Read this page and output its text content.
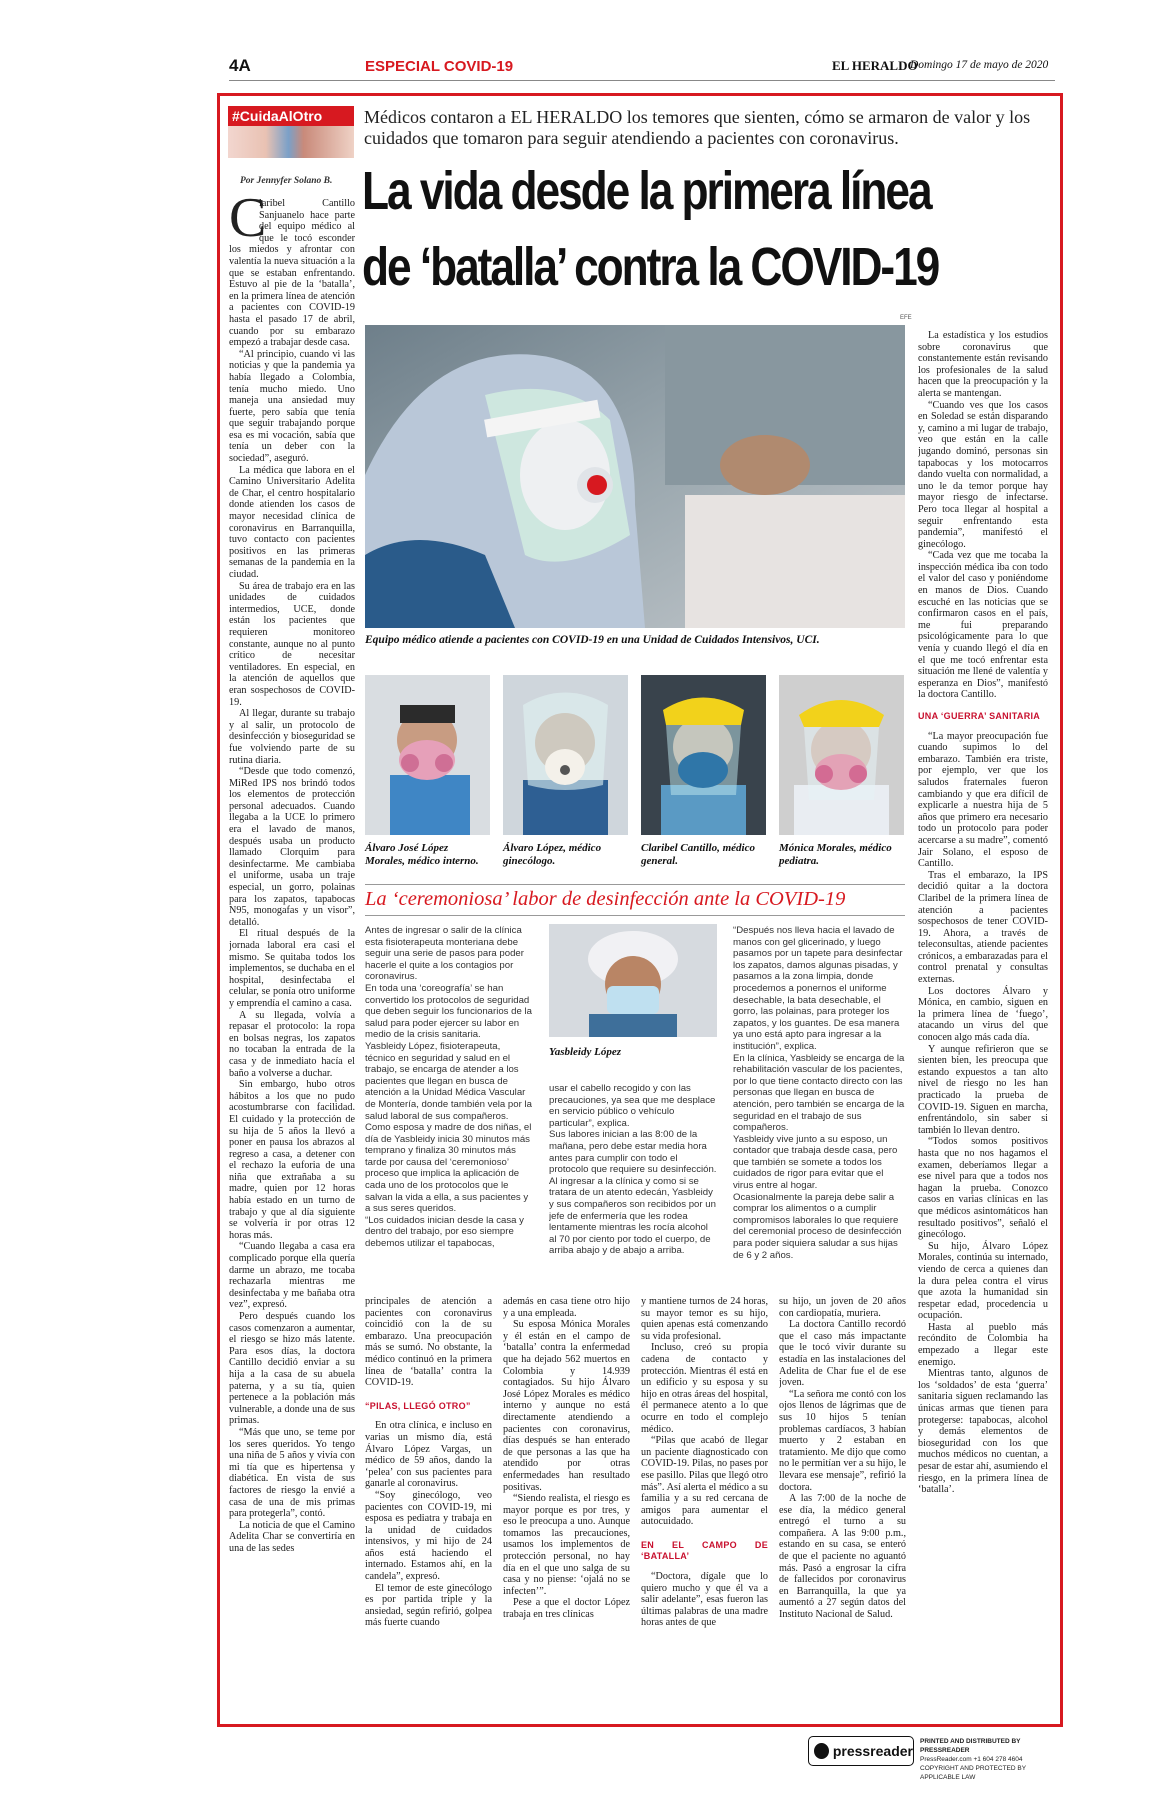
4A	ESPECIAL COVID-19	EL HERALDO
Domingo 17 de mayo de 2020
#CuidaAlOtro	Médicos contaron a EL HERALDO los temores que sienten, cómo se armaron de valor y los cuidados que tomaron para seguir atendiendo a pacientes con coronavirus.
La vida desde la primera línea
de ‘batalla’ contra la COVID-19
Por Jennyfer Solano B.
C

laribel Cantillo Sanjuanelo hace parte del equipo médico al que le tocó esconder los miedos y afrontar con valentía la nueva situación a la que se estaban enfrentando. Estuvo al pie de la ‘batalla’, en la primera línea de atención a pacientes con COVID-19 hasta el pasado 17 de abril, cuando por su embarazo empezó a trabajar desde casa.

“Al principio, cuando vi las noticias y que la pandemia ya había llegado a Colombia, tenía mucho miedo. Uno maneja una ansiedad muy fuerte, pero sabía que tenía que seguir trabajando porque esa es mi vocación, sabía que tenía un deber con la sociedad”, aseguró.

La médica que labora en el Camino Universitario Adelita de Char, el centro hospitalario donde atienden los casos de mayor necesidad clínica de coronavirus en Barranquilla, tuvo contacto con pacientes positivos en las primeras semanas de la pandemia en la ciudad.

Su área de trabajo era en las unidades de cuidados intermedios, UCE, donde están los pacientes que requieren monitoreo constante, aunque no al punto crítico de necesitar ventiladores. En especial, en la atención de aquellos que eran sospechosos de COVID-19.

Al llegar, durante su trabajo y al salir, un protocolo de desinfección y bioseguridad se fue volviendo parte de su rutina diaria.

“Desde que todo comenzó, MiRed IPS nos brindó todos los elementos de protección personal adecuados. Cuando llegaba a la UCE lo primero era el lavado de manos, después usaba un producto llamado Clorquim para desinfectarme. Me cambiaba el uniforme, usaba un traje especial, un gorro, polainas para los zapatos, tapabocas N95, monogafas y un visor”, detalló.

El ritual después de la jornada laboral era casi el mismo. Se quitaba todos los implementos, se duchaba en el hospital, desinfectaba el celular, se ponía otro uniforme y emprendía el camino a casa.

A su llegada, volvía a repasar el protocolo: la ropa en bolsas negras, los zapatos no tocaban la entrada de la casa y de inmediato hacía el baño a volverse a duchar.

Sin embargo, hubo otros hábitos a los que no pudo acostumbrarse con facilidad. El cuidado y la protección de su hija de 5 años la llevó a poner en pausa los abrazos al regreso a casa, a detener con el rechazo la euforia de una niña que extrañaba a su madre, quien por 12 horas había estado en un turno de trabajo y que al día siguiente se volvería ir por otras 12 horas más.

“Cuando llegaba a casa era complicado porque ella quería darme un abrazo, me tocaba rechazarla mientras me desinfectaba y me bañaba otra vez”, expresó.

Pero después cuando los casos comenzaron a aumentar, el riesgo se hizo más latente. Para esos días, la doctora Cantillo decidió enviar a su hija a la casa de su abuela paterna, y a su tía, quien pertenece a la población más vulnerable, a donde una de sus primas.

“Más que uno, se teme por los seres queridos. Yo tengo una niña de 5 años y vivía con mi tía que es hipertensa y diabética. En vista de sus factores de riesgo la envié a casa de una de mis primas para protegerla”, contó.

La noticia de que el Camino Adelita Char se convertiría en una de las sedes

EFE
Equipo médico atiende a pacientes con COVID-19 en una Unidad de Cuidados Intensivos, UCI.
Álvaro José López Morales, médico interno.
Álvaro López, médico ginecólogo.
Claribel Cantillo, médico general.
Mónica Morales, médico pediatra.
La ‘ceremoniosa’ labor de desinfección ante la COVID-19

Antes de ingresar o salir de la clínica esta fisioterapeuta monteriana debe seguir una serie de pasos para poder hacerle el quite a los contagios por coronavirus.

En toda una ‘coreografía’ se han convertido los protocolos de seguridad que deben seguir los funcionarios de la salud para poder ejercer su labor en medio de la crisis sanitaria.

Yasbleidy López, fisioterapeuta, técnico en seguridad y salud en el trabajo, se encarga de atender a los pacientes que llegan en busca de atención a la Unidad Médica Vascular de Montería, donde también vela por la salud laboral de sus compañeros.

Como esposa y madre de dos niñas, el día de Yasbleidy inicia 30 minutos más temprano y finaliza 30 minutos más tarde por causa del ‘ceremonioso’ proceso que implica la aplicación de cada uno de los protocolos que le salvan la vida a ella, a sus pacientes y a sus seres queridos.

“Los cuidados inician desde la casa y dentro del trabajo, por eso siempre debemos utilizar el tapabocas,

Yasbleidy López

usar el cabello recogido y con las precauciones, ya sea que me desplace en servicio público o vehículo particular”, explica.

Sus labores inician a las 8:00 de la mañana, pero debe estar media hora antes para cumplir con todo el protocolo que requiere su desinfección.

Al ingresar a la clínica y como si se tratara de un atento edecán, Yasbleidy y sus compañeros son recibidos por un jefe de enfermería que les rodea lentamente mientras les rocía alcohol al 70 por ciento por todo el cuerpo, de arriba abajo y de abajo a arriba.

“Después nos lleva hacia el lavado de manos con gel glicerinado, y luego pasamos por un tapete para desinfectar los zapatos, damos algunas pisadas, y pasamos a la zona limpia, donde procedemos a ponernos el uniforme desechable, la bata desechable, el gorro, las polainas, para proteger los zapatos, y los guantes. De esa manera ya uno está apto para ingresar a la institución”, explica.

En la clínica, Yasbleidy se encarga de la rehabilitación vascular de los pacientes, por lo que tiene contacto directo con las personas que llegan en busca de atención, pero también se encarga de la seguridad en el trabajo de sus compañeros.

Yasbleidy vive junto a su esposo, un contador que trabaja desde casa, pero que también se somete a todos los cuidados de rigor para evitar que el virus entre al hogar.

Ocasionalmente la pareja debe salir a comprar los alimentos o a cumplir compromisos laborales lo que requiere del ceremonial proceso de desinfección para poder siquiera saludar a sus hijas de 6 y 2 años.

principales de atención a pacientes con coronavirus coincidió con la de su embarazo. Una preocupación más se sumó. No obstante, la médico continuó en la primera línea de ‘batalla’ contra la COVID-19.

“PILAS, LLEGÓ OTRO”

En otra clínica, e incluso en varias un mismo día, está Álvaro López Vargas, un médico de 59 años, dando la ‘pelea’ con sus pacientes para ganarle al coronavirus.

“Soy ginecólogo, veo pacientes con COVID-19, mi esposa es pediatra y trabaja en la unidad de cuidados intensivos, y mi hijo de 24 años está haciendo el internado. Estamos ahí, en la candela”, expresó.

El temor de este ginecólogo es por partida triple y la ansiedad, según refirió, golpea más fuerte cuando

además en casa tiene otro hijo y a una empleada.

Su esposa Mónica Morales y él están en el campo de ‘batalla’ contra la enfermedad que ha dejado 562 muertos en Colombia y 14.939 contagiados. Su hijo Álvaro José López Morales es médico interno y aunque no está directamente atendiendo a pacientes con coronavirus, días después se han enterado de que personas a las que ha atendido por otras enfermedades han resultado positivas.

“Siendo realista, el riesgo es mayor porque es por tres, y eso le preocupa a uno. Aunque tomamos las precauciones, usamos los implementos de protección personal, no hay día en el que uno salga de su casa y no piense: ‘ojalá no se infecten’”.

Pese a que el doctor López trabaja en tres clínicas

y mantiene turnos de 24 horas, su mayor temor es su hijo, quien apenas está comenzando su vida profesional.

Incluso, creó su propia cadena de contacto y protección. Mientras él está en un edificio y su esposa y su hijo en otras áreas del hospital, él permanece atento a lo que ocurre en todo el complejo médico.

“Pilas que acabó de llegar un paciente diagnosticado con COVID-19. Pilas, no pases por ese pasillo. Pilas que llegó otro más”. Así alerta el médico a su familia y a su red cercana de amigos para aumentar el autocuidado.

EN EL CAMPO DE ‘BATALLA’

“Doctora, dígale que lo quiero mucho y que él va a salir adelante”, esas fueron las últimas palabras de una madre horas antes de que

su hijo, un joven de 20 años con cardiopatía, muriera.

La doctora Cantillo recordó que el caso más impactante que le tocó vivir durante su estadía en las instalaciones del Adelita de Char fue el de ese joven.

“La señora me contó con los ojos llenos de lágrimas que de sus 10 hijos 5 tenían problemas cardíacos, 3 habían muerto y 2 estaban en tratamiento. Me dijo que como no le permitían ver a su hijo, le llevara ese mensaje”, refirió la doctora.

A las 7:00 de la noche de ese día, la médico general entregó el turno a su compañera. A las 9:00 p.m., estando en su casa, se enteró de que el paciente no aguantó más. Pasó a engrosar la cifra de fallecidos por coronavirus en Barranquilla, la que ya aumentó a 27 según datos del Instituto Nacional de Salud.

La estadística y los estudios sobre coronavirus que constantemente están revisando los profesionales de la salud hacen que la preocupación y la alerta se mantengan.

“Cuando ves que los casos en Soledad se están disparando y, camino a mi lugar de trabajo, veo que están en la calle jugando dominó, personas sin tapabocas y los motocarros dando vuelta con normalidad, a uno le da temor porque hay mayor riesgo de infectarse. Pero toca llegar al hospital a seguir enfrentando esta pandemia”, manifestó el ginecólogo.

“Cada vez que me tocaba la inspección médica iba con todo el valor del caso y poniéndome en manos de Dios. Cuando escuché en las noticias que se confirmaron casos en el país, me fui preparando psicológicamente para lo que venía y cuando llegó el día en el que me tocó enfrentar esta situación me llené de valentía y esperanza en Dios”, manifestó la doctora Cantillo.

UNA ‘GUERRA’ SANITARIA

“La mayor preocupación fue cuando supimos lo del embarazo. También era triste, por ejemplo, ver que los saludos fraternales fueron cambiando y que era difícil de explicarle a nuestra hija de 5 años que primero era necesario todo un protocolo para poder acercarse a su madre”, comentó Jair Solano, el esposo de Cantillo.

Tras el embarazo, la IPS decidió quitar a la doctora Claribel de la primera línea de atención a pacientes sospechosos de tener COVID-19. Ahora, a través de teleconsultas, atiende pacientes crónicos, a embarazadas para el control prenatal y consultas externas.

Los doctores Álvaro y Mónica, en cambio, siguen en la primera línea de ‘fuego’, atacando un virus del que conocen algo más cada día.

Y aunque refirieron que se sienten bien, les preocupa que estando expuestos a tan alto nivel de riesgo no les han practicado la prueba de COVID-19. Siguen en marcha, enfrentándolo, sin saber si también lo llevan dentro.

“Todos somos positivos hasta que no nos hagamos el examen, deberíamos llegar a ese nivel para que a todos nos hagan la prueba. Conozco casos en varias clínicas en las que médicos asintomáticos han resultado positivos”, señaló el ginecólogo.

Su hijo, Álvaro López Morales, continúa su internado, viendo de cerca a quienes dan la dura pelea contra el virus que azota la humanidad sin respetar edad, procedencia u ocupación.

Hasta al pueblo más recóndito de Colombia ha empezado a llegar este enemigo.

Mientras tanto, algunos de los ‘soldados’ de esta ‘guerra’ sanitaria siguen reclamando las únicas armas que tienen para protegerse: tapabocas, alcohol y demás elementos de bioseguridad con los que muchos médicos no cuentan, a pesar de estar ahí, asumiendo el riesgo, en la primera línea de ‘batalla’.

pressreader
PRINTED AND DISTRIBUTED BY PRESSREADER
PressReader.com +1 604 278 4604
COPYRIGHT AND PROTECTED BY APPLICABLE LAW
